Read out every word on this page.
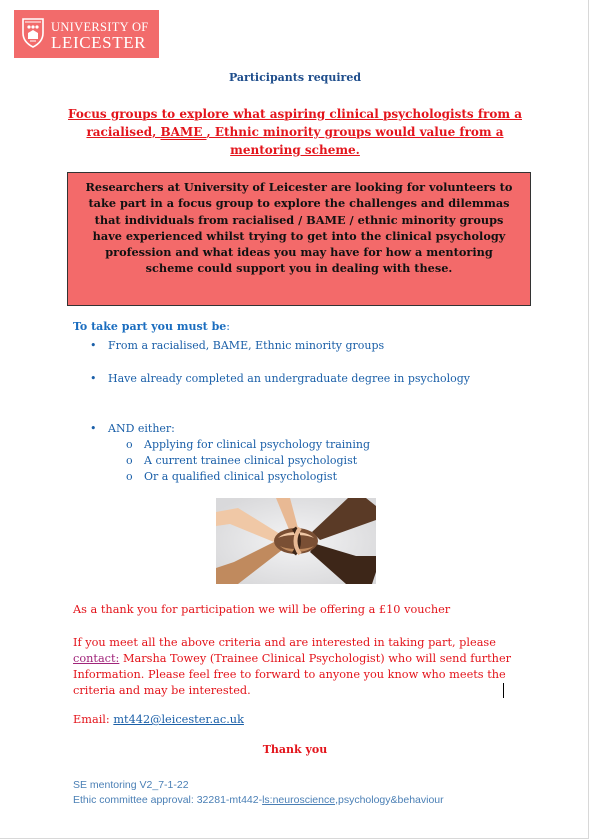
UNIVERSITY OF
LEICESTER
Participants required
Focus groups to explore what aspiring clinical psychologists from a racialised, BAME , Ethnic minority groups would value from a mentoring scheme.

Researchers at University of Leicester are looking for volunteers to take part in a focus group to explore the challenges and dilemmas that individuals from racialised / BAME / ethnic minority groups have experienced whilst trying to get into the clinical psychology profession and what ideas you may have for how a mentoring scheme could support you in dealing with these.

To take part you must be:
• From a racialised, BAME, Ethnic minority groups
• Have already completed an undergraduate degree in psychology
• AND either:
o Applying for clinical psychology training
o A current trainee clinical psychologist
o Or a qualified clinical psychologist
As a thank you for participation we will be offering a £10 voucher
If you meet all the above criteria and are interested in taking part, please contact: Marsha Towey (Trainee Clinical Psychologist) who will send further Information. Please feel free to forward to anyone you know who meets the criteria and may be interested.
Email: mt442@leicester.ac.uk
Thank you
SE mentoring V2_7-1-22
Ethic committee approval: 32281-mt442-ls:neuroscience,psychology&behaviour
